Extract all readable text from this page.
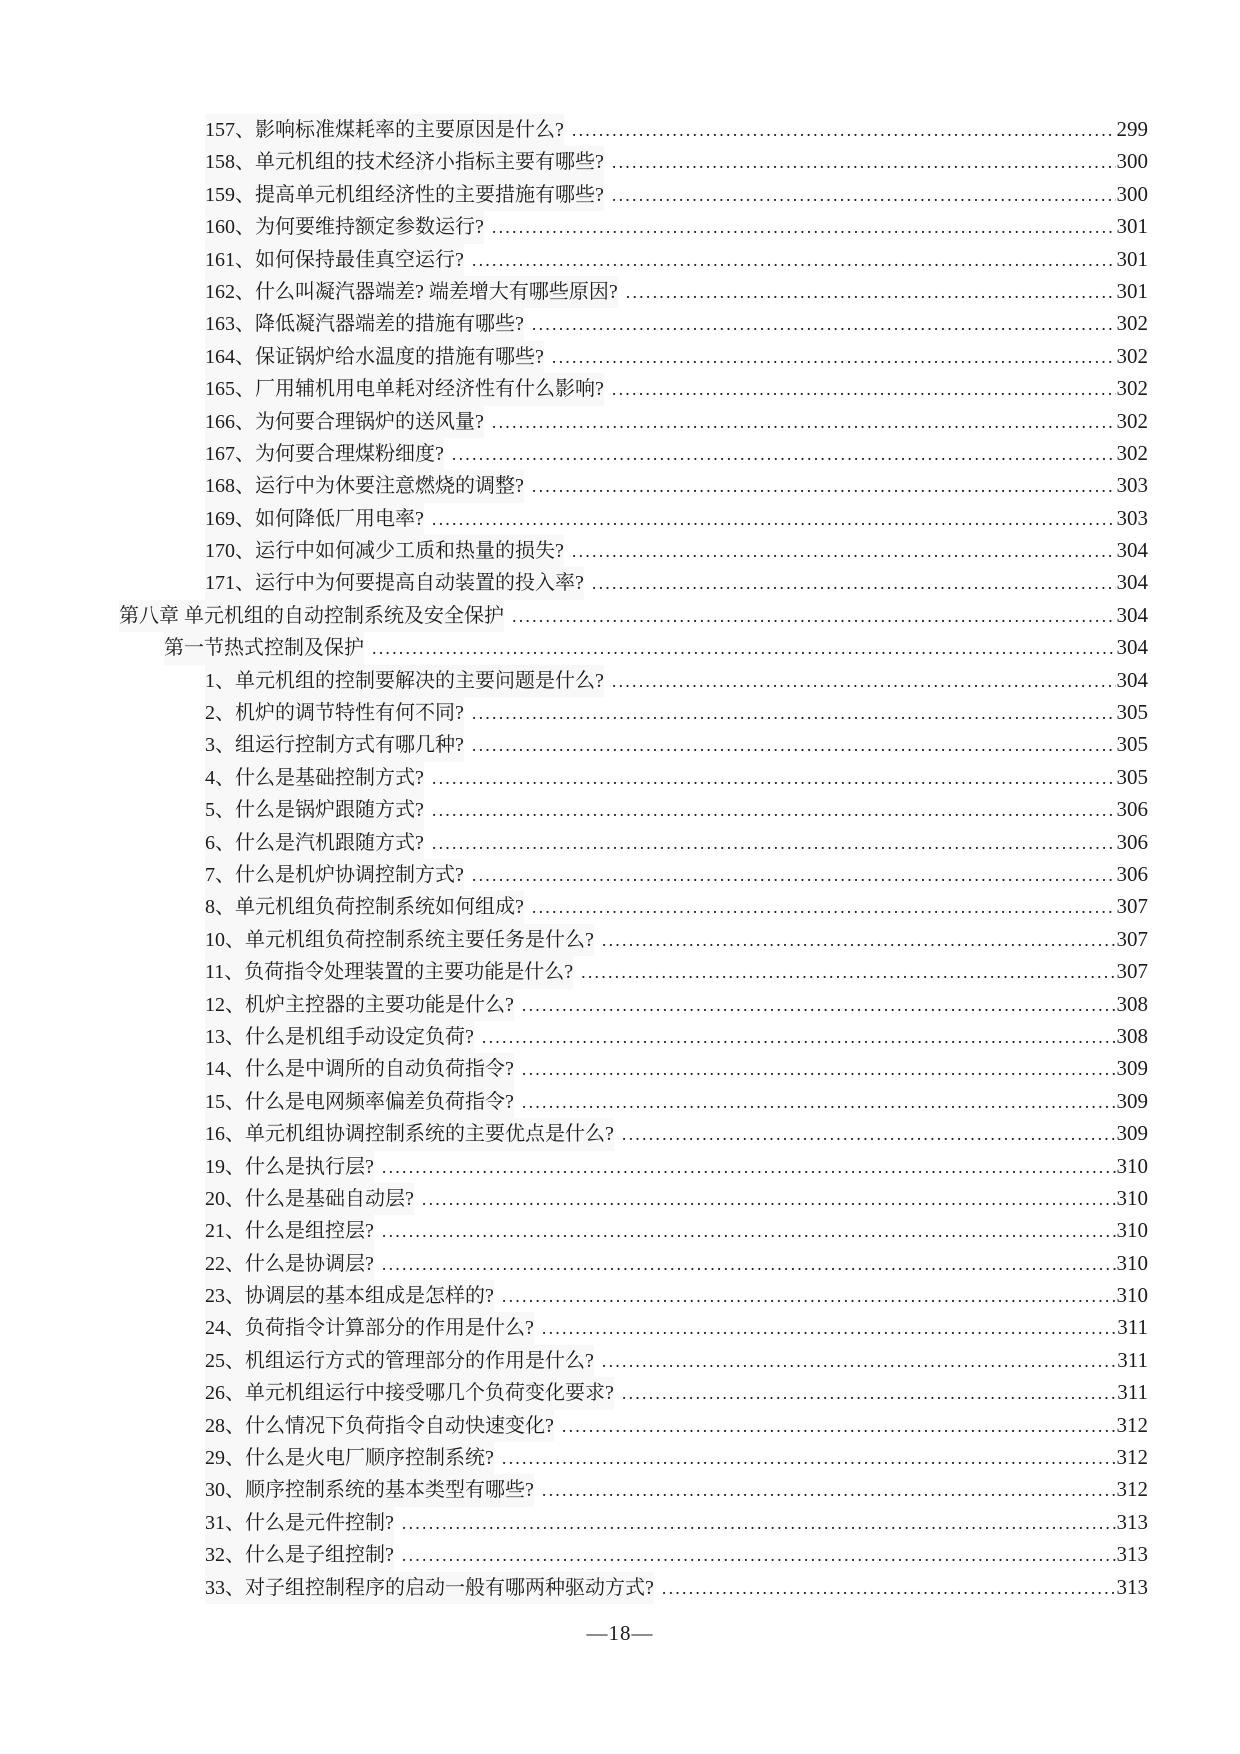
157、影响标准煤耗率的主要原因是什么? .....	299
158、单元机组的技术经济小指标主要有哪些? .....	300
159、提高单元机组经济性的主要措施有哪些? .....	300
160、为何要维持额定参数运行? .....	301
161、如何保持最佳真空运行? .....	301
162、什么叫凝汽器端差? 端差增大有哪些原因? .....	301
163、降低凝汽器端差的措施有哪些? .....	302
164、保证锅炉给水温度的措施有哪些? .....	302
165、厂用辅机用电单耗对经济性有什么影响? .....	302
166、为何要合理锅炉的送风量? .....	302
167、为何要合理煤粉细度? .....	302
168、运行中为休要注意燃烧的调整? .....	303
169、如何降低厂用电率? .....	303
170、运行中如何减少工质和热量的损失? .....	304
171、运行中为何要提高自动装置的投入率? .....	304
第八章 单元机组的自动控制系统及安全保护 .....	304
第一节热式控制及保护 .....	304
1、单元机组的控制要解决的主要问题是什么? .....	304
2、机炉的调节特性有何不同? .....	305
3、组运行控制方式有哪几种? .....	305
4、什么是基础控制方式? .....	305
5、什么是锅炉跟随方式? .....	306
6、什么是汽机跟随方式? .....	306
7、什么是机炉协调控制方式? .....	306
8、单元机组负荷控制系统如何组成? .....	307
10、单元机组负荷控制系统主要任务是什么? .....	307
11、负荷指令处理装置的主要功能是什么? .....	307
12、机炉主控器的主要功能是什么? .....	308
13、什么是机组手动设定负荷? .....	308
14、什么是中调所的自动负荷指令? .....	309
15、什么是电网频率偏差负荷指令? .....	309
16、单元机组协调控制系统的主要优点是什么? .....	309
19、什么是执行层? .....	310
20、什么是基础自动层? .....	310
21、什么是组控层? .....	310
22、什么是协调层? .....	310
23、协调层的基本组成是怎样的? .....	310
24、负荷指令计算部分的作用是什么? .....	311
25、机组运行方式的管理部分的作用是什么? .....	311
26、单元机组运行中接受哪几个负荷变化要求? .....	311
28、什么情况下负荷指令自动快速变化? .....	312
29、什么是火电厂顺序控制系统? .....	312
30、顺序控制系统的基本类型有哪些? .....	312
31、什么是元件控制? .....	313
32、什么是子组控制? .....	313
33、对子组控制程序的启动一般有哪两种驱动方式? .....	313
—18—
